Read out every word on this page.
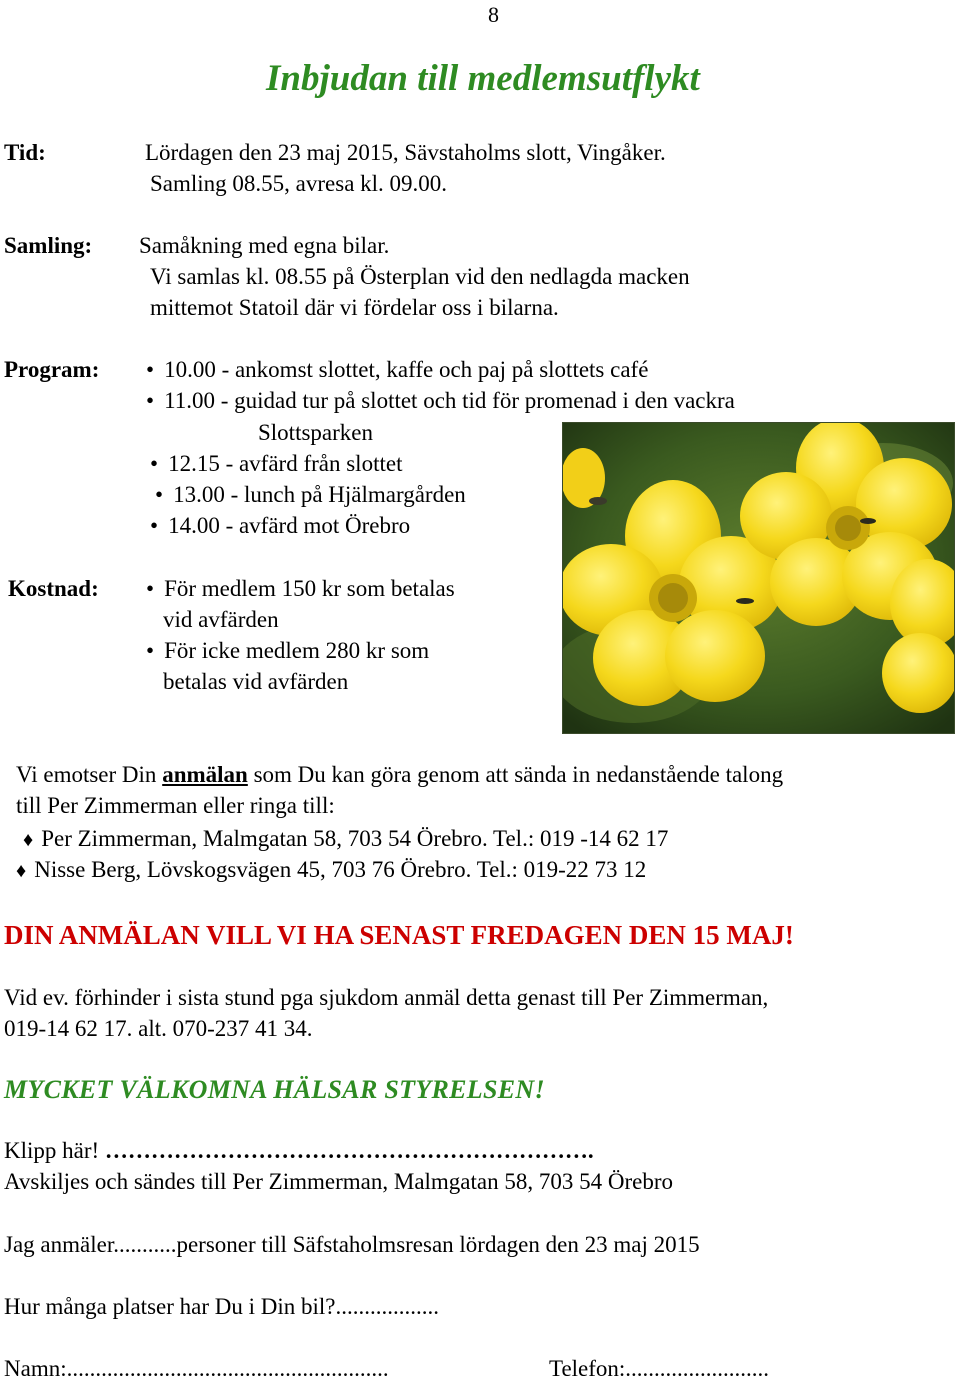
8
Inbjudan till medlemsutflykt
Tid:	Lördagen den 23 maj 2015, Sävstaholms slott, Vingåker.
Samling 08.55, avresa kl. 09.00.
Samling: Samåkning med egna bilar.
Vi samlas kl. 08.55 på Österplan vid den nedlagda macken
mittemot Statoil där vi fördelar oss i bilarna.
Program:	• 10.00 - ankomst slottet, kaffe och paj på slottets café
• 11.00 - guidad tur på slottet och tid för promenad i den vackra
Slottsparken
• 12.15 - avfärd från slottet
• 13.00 - lunch på Hjälmargården
• 14.00 - avfärd mot Örebro
Kostnad:	• För medlem 150 kr som betalas
vid avfärden
• För icke medlem 280 kr som
betalas vid avfärden
Vi emotser Din anmälan som Du kan göra genom att sända in nedanstående talong
till Per Zimmerman eller ringa till:
♦ Per Zimmerman, Malmgatan 58, 703 54 Örebro. Tel.: 019 -14 62 17
♦ Nisse Berg, Lövskogsvägen 45, 703 76 Örebro. Tel.: 019-22 73 12
DIN ANMÄLAN VILL VI HA SENAST FREDAGEN DEN 15 MAJ!
Vid ev. förhinder i sista stund pga sjukdom anmäl detta genast till Per Zimmerman,
019-14 62 17. alt. 070-237 41 34.
MYCKET VÄLKOMNA HÄLSAR STYRELSEN!
Klipp här! ……………………………………………………….
Avskiljes och sändes till Per Zimmerman, Malmgatan 58, 703 54 Örebro
Jag anmäler...........personer till Säfstaholmsresan lördagen den 23 maj 2015
Hur många platser har Du i Din bil?..................
Namn:........................................................	Telefon:.........................
